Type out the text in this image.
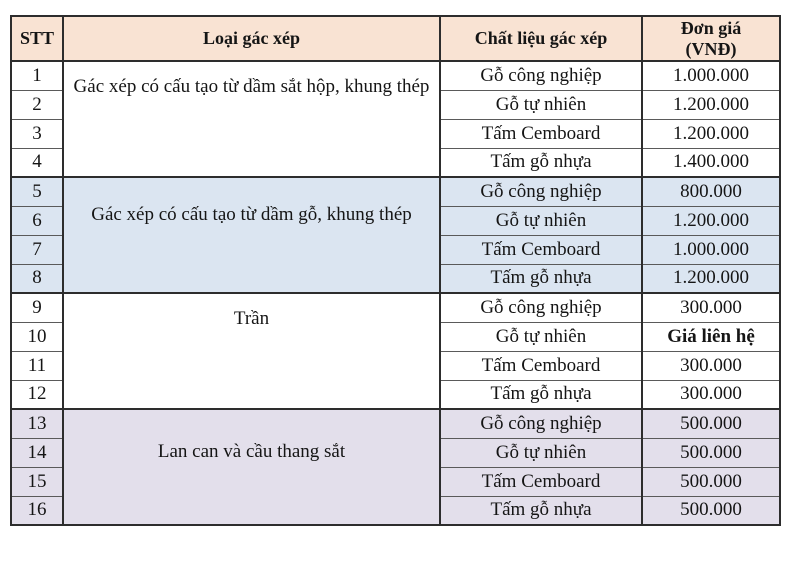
STT	Loại gác xép	Chất liệu gác xép	Đơn giá
(VNĐ)
1	Gác xép có cấu tạo từ dầm sắt hộp, khung thép	Gỗ công nghiệp	1.000.000
2		Gỗ tự nhiên	1.200.000
3		Tấm Cemboard	1.200.000
4		Tấm gỗ nhựa	1.400.000
5	Gác xép có cấu tạo từ dầm gỗ, khung thép	Gỗ công nghiệp	800.000
6		Gỗ tự nhiên	1.200.000
7		Tấm Cemboard	1.000.000
8		Tấm gỗ nhựa	1.200.000
9	Trần	Gỗ công nghiệp	300.000
10		Gỗ tự nhiên	Giá liên hệ
11		Tấm Cemboard	300.000
12		Tấm gỗ nhựa	300.000
13	Lan can và cầu thang sắt	Gỗ công nghiệp	500.000
14		Gỗ tự nhiên	500.000
15		Tấm Cemboard	500.000
16		Tấm gỗ nhựa	500.000
